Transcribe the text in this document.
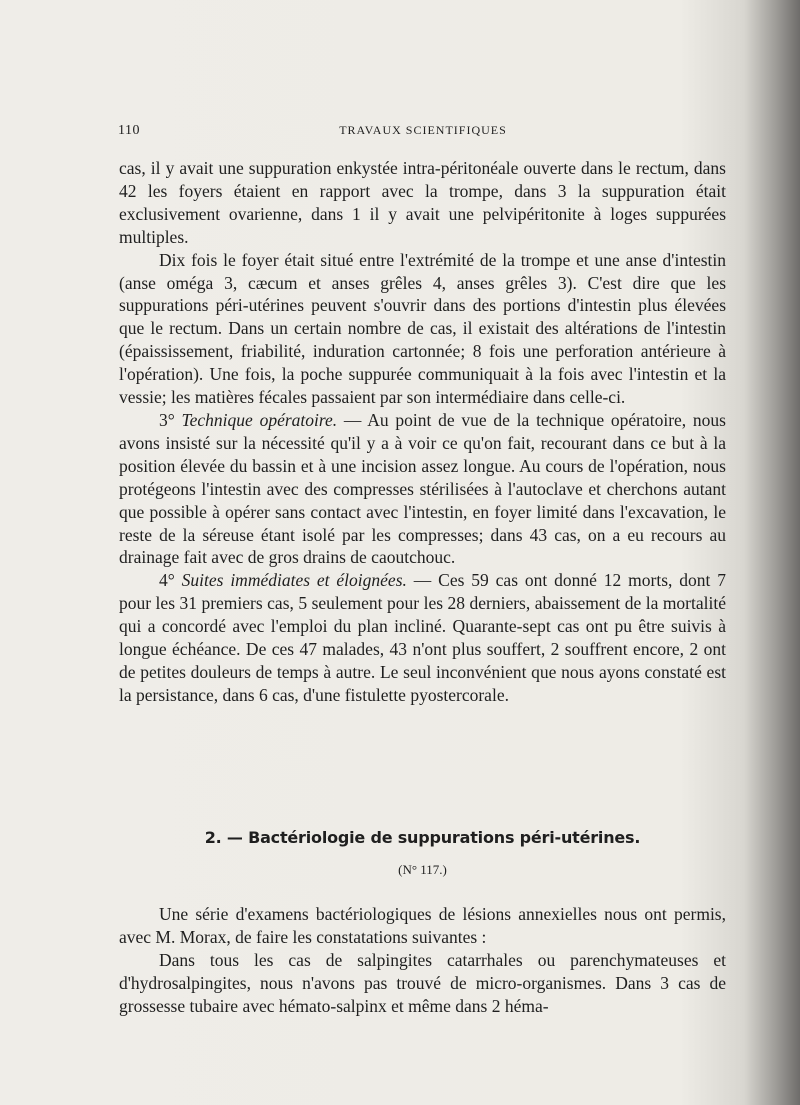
110	TRAVAUX SCIENTIFIQUES

cas, il y avait une suppuration enkystée intra-péritonéale ouverte dans le rectum, dans 42 les foyers étaient en rapport avec la trompe, dans 3 la suppuration était exclusivement ovarienne, dans 1 il y avait une pelvipéritonite à loges suppurées multiples.

Dix fois le foyer était situé entre l'extrémité de la trompe et une anse d'intestin (anse oméga 3, cæcum et anses grêles 4, anses grêles 3). C'est dire que les suppurations péri-utérines peuvent s'ouvrir dans des portions d'intestin plus élevées que le rectum. Dans un certain nombre de cas, il existait des altérations de l'intestin (épaississement, friabilité, induration cartonnée; 8 fois une perforation antérieure à l'opération). Une fois, la poche suppurée communiquait à la fois avec l'intestin et la vessie; les matières fécales passaient par son intermédiaire dans celle-ci.

3° Technique opératoire. — Au point de vue de la technique opératoire, nous avons insisté sur la nécessité qu'il y a à voir ce qu'on fait, recourant dans ce but à la position élevée du bassin et à une incision assez longue. Au cours de l'opération, nous protégeons l'intestin avec des compresses stérilisées à l'autoclave et cherchons autant que possible à opérer sans contact avec l'intestin, en foyer limité dans l'excavation, le reste de la séreuse étant isolé par les compresses; dans 43 cas, on a eu recours au drainage fait avec de gros drains de caoutchouc.

4° Suites immédiates et éloignées. — Ces 59 cas ont donné 12 morts, dont 7 pour les 31 premiers cas, 5 seulement pour les 28 derniers, abaissement de la mortalité qui a concordé avec l'emploi du plan incliné. Quarante-sept cas ont pu être suivis à longue échéance. De ces 47 malades, 43 n'ont plus souffert, 2 souffrent encore, 2 ont de petites douleurs de temps à autre. Le seul inconvénient que nous ayons constaté est la persistance, dans 6 cas, d'une fistulette pyostercorale.

2. — Bactériologie de suppurations péri-utérines.
(N° 117.)

Une série d'examens bactériologiques de lésions annexielles nous ont permis, avec M. Morax, de faire les constatations suivantes :

Dans tous les cas de salpingites catarrhales ou parenchymateuses et d'hydrosalpingites, nous n'avons pas trouvé de micro-organismes. Dans 3 cas de grossesse tubaire avec hémato-salpinx et même dans 2 héma-
